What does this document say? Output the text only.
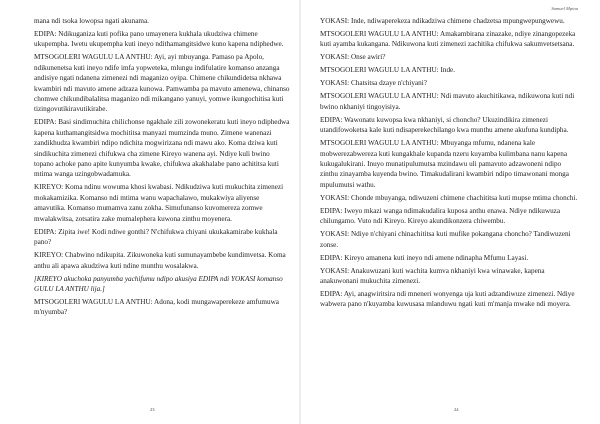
mana ndi tsoka lowopsa ngati akunama.

EDIPA: Ndikuganiza kuti pofika pano umayenera kukhala ukudziwa chimene ukupempha. Iwetu ukupempha kuti ineyo ndithamangitsidwe kuno kapena ndiphedwe.

MTSOGOLERI WAGULU LA ANTHU: Ayi, ayi mbuyanga. Pamaso pa Apolo, ndikunenetsa kuti ineyo ndife imfa yopweteka, mlungu indifulatire komanso anzanga andisiye ngati ndanena zimenezi ndi maganizo oyipa. Chimene chikundidetsa nkhawa kwambiri ndi mavuto amene adzaza kunowa. Pamwamba pa mavuto amenewa, chinanso chomwe chikundibalalitsa maganizo ndi mikangano yanuyi, yomwe ikungochitisa kuti tizingovutikiravutikirabe.

EDIPA: Basi sindimuchita chilichonse ngakhale zili zowonekeratu kuti ineyo ndiphedwa kapena kuthamangitsidwa mochititsa manyazi mumzinda muno. Zimene wanenazi zandikhudza kwambiri ndipo ndichita mogwirizana ndi mawu ako. Koma dziwa kuti sindikuchita zimenezi chifukwa cha zimene Kireyo wanena ayi. Ndiye kuli bwino topano achoke pano apite kunyumba kwake, chifukwa akakhalabe pano achititsa kuti mtima wanga uzingobwadamuka.

KIREYO: Koma ndinu wowuma khosi kwabasi. Ndikudziwa kuti mukuchita zimenezi mokakamizika. Komanso ndi mtima wanu wapachalawo, mukakwiya aliyense amavutika. Komanso mumamva zanu zokha. Simufunanso kuvomereza zomwe mwalakwitsa, zotsatira zake mumalephera kuwona zinthu moyenera.

EDIPA: Zipita iwe! Kodi ndiwe gonthi? N'chifukwa chiyani ukukakamirabe kukhala pano?

KIREYO: Chabwino ndikupita. Zikuwoneka kuti sumunayambebe kundimvetsa. Koma anthu ali apawa akudziwa kuti ndine munthu wosalakwa.

[KIREYO akuchoka panyumba yachifumu ndipo akusiya EDIPA ndi YOKASI komanso GULU LA ANTHU lija.]

MTSOGOLERI WAGULU LA ANTHU: Adona, kodi mungawaperekeze amfumuwa m'nyumba?

23
Samuel Mpina

YOKASI: Inde, ndiwaperekeza ndikadziwa chimene chadzetsa mpungwepungwewu.

MTSOGOLERI WAGULU LA ANTHU: Amakambirana zinazake, ndiye zinangopezeka kuti ayamba kukangana. Ndikuwona kuti zimenezi zachitika chifukwa sakumvetsetsana.

YOKASI: Onse awiri?

MTSOGOLERI WAGULU LA ANTHU: Inde.

YOKASI: Chatsitsa dzaye n'chiyani?

MTSOGOLERI WAGULU LA ANTHU: Ndi mavuto akuchitikawa, ndikuwona kuti ndi bwino nkhaniyi tingoyisiya.

EDIPA: Wawonatu kuwopsa kwa nkhaniyi, si choncho? Ukuzindikira zimenezi utandifowoketsa kale kuti ndisaperekechilango kwa munthu amene akufuna kundipha.

MTSOGOLERI WAGULU LA ANTHU: Mbuyanga mfumu, ndanena kale mobwerezabwereza kuti kungakhale kupanda nzeru kuyamba kulimbana nanu kapena kukugalukirani. Inuyo munatipulumutsa mzindawu uli pamavuto adzawoneni ndipo zinthu zinayamba kuyenda bwino. Timakudalirani kwambiri ndipo timawonani monga mpulumutsi wathu.

YOKASI: Chonde mbuyanga, ndiwuzeni chimene chachititsa kuti mupse mtima chonchi.

EDIPA: Iweyo mkazi wanga ndimakudalira kuposa anthu enawa. Ndiye ndikuwuza chilungamo. Vuto ndi Kireyo. Kireyo akundikonzera chiwembu.

YOKASI: Ndiye n'chiyani chinachititsa kuti mufike pokangana choncho? Tandiwuzeni zonse.

EDIPA: Kireyo amanena kuti ineyo ndi amene ndinapha Mfumu Layasi.

YOKASI: Anakuwuzani kuti wachita kumva nkhaniyi kwa winawake, kapena anakuwonani mukuchita zimenezi.

EDIPA: Ayi, anagwiritsira ndi mneneri wonyenga uja kuti adzandiwuze zimenezi. Ndiye wabwera pano n'kuyamba kuwusasa mlanduwu ngati kuti m'manja mwake ndi moyera.

24
